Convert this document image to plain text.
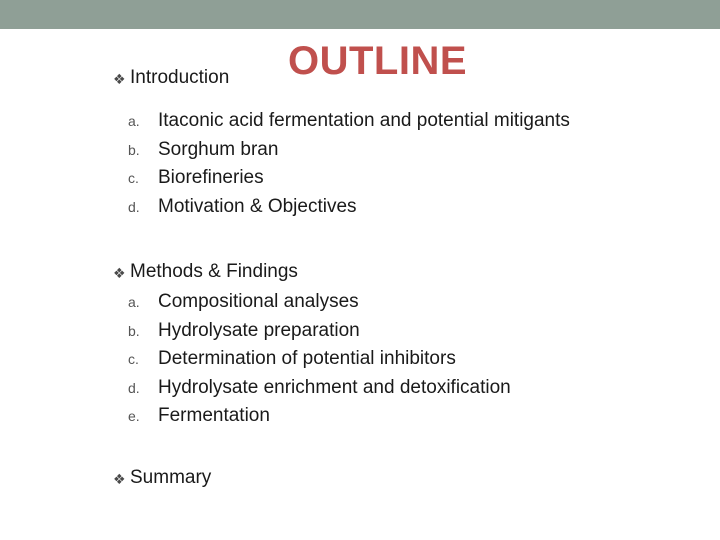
OUTLINE
❖ Introduction
a. Itaconic acid fermentation and potential mitigants
b. Sorghum bran
c.	Biorefineries
d. Motivation & Objectives
❖ Methods & Findings
a. Compositional analyses
b. Hydrolysate preparation
c.	Determination of potential inhibitors
d. Hydrolysate enrichment and detoxification
e. Fermentation
❖ Summary
